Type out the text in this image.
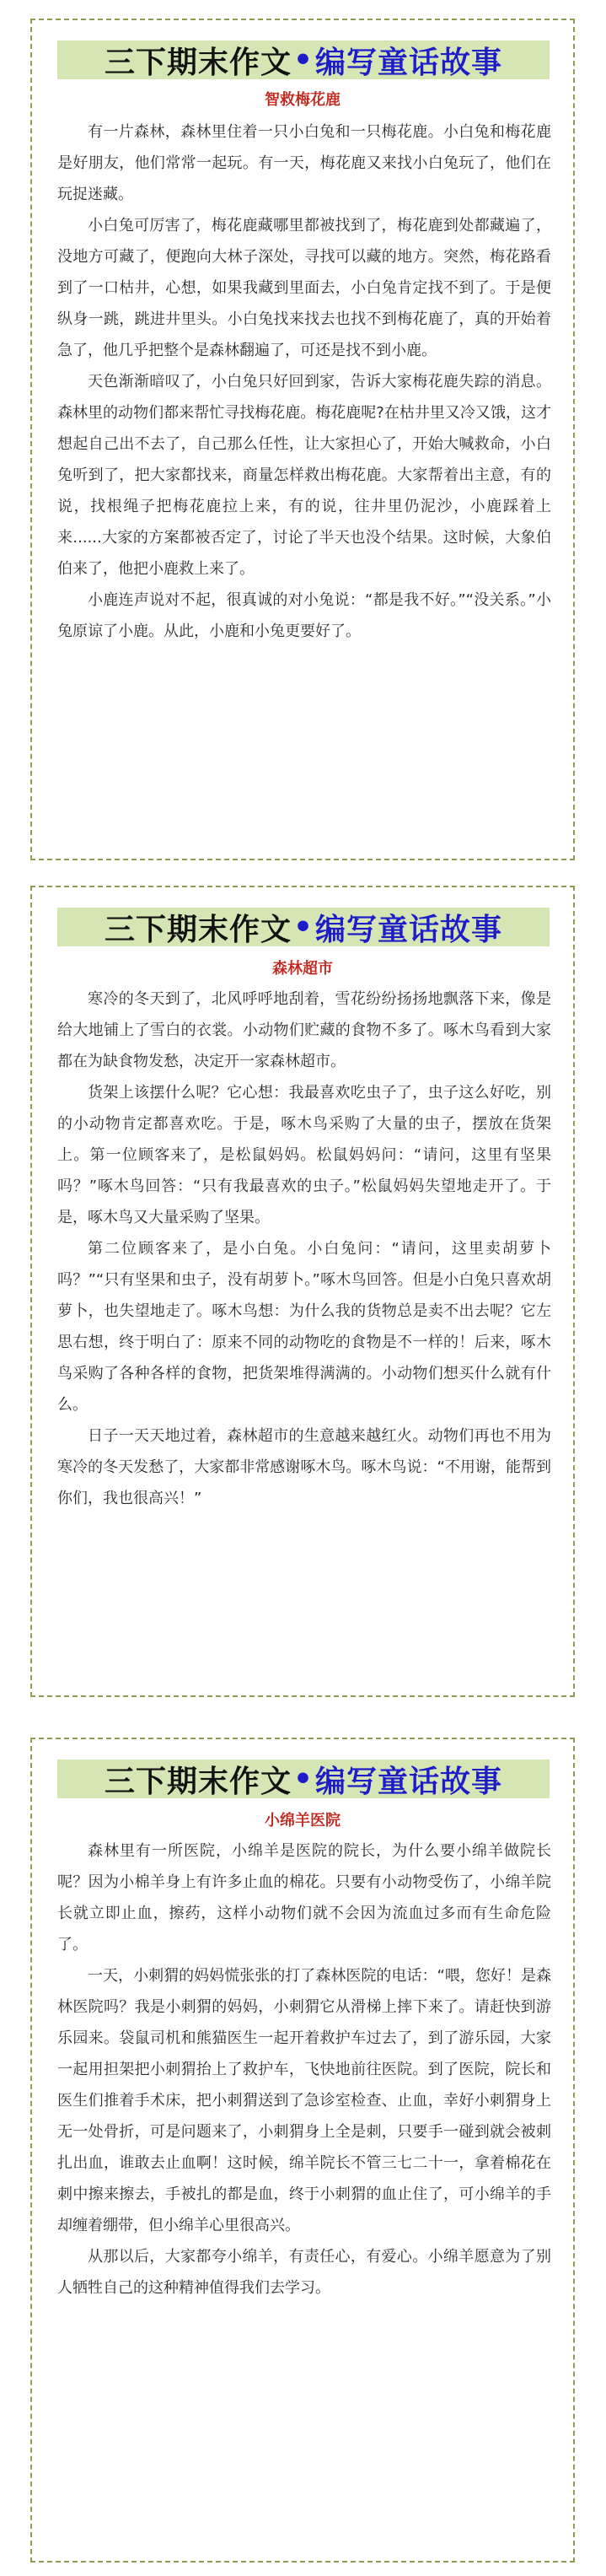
三下期末作文 • 编写童话故事
智救梅花鹿

有一片森林，森林里住着一只小白兔和一只梅花鹿。小白兔和梅花鹿是好朋友，他们常常一起玩。有一天，梅花鹿又来找小白兔玩了，他们在玩捉迷藏。

小白兔可厉害了，梅花鹿藏哪里都被找到了，梅花鹿到处都藏遍了，没地方可藏了，便跑向大林子深处，寻找可以藏的地方。突然，梅花路看到了一口枯井，心想，如果我藏到里面去，小白兔肯定找不到了。于是便纵身一跳，跳进井里头。小白兔找来找去也找不到梅花鹿了，真的开始着急了，他几乎把整个是森林翻遍了，可还是找不到小鹿。

天色渐渐暗叹了，小白兔只好回到家，告诉大家梅花鹿失踪的消息。森林里的动物们都来帮忙寻找梅花鹿。梅花鹿呢?在枯井里又冷又饿，这才想起自己出不去了，自己那么任性，让大家担心了，开始大喊救命，小白兔听到了，把大家都找来，商量怎样救出梅花鹿。大家帮着出主意，有的说，找根绳子把梅花鹿拉上来，有的说，往井里仍泥沙，小鹿踩着上来......大家的方案都被否定了，讨论了半天也没个结果。这时候，大象伯伯来了，他把小鹿救上来了。

小鹿连声说对不起，很真诚的对小兔说：“都是我不好。”“没关系。”小兔原谅了小鹿。从此，小鹿和小兔更要好了。

三下期末作文 • 编写童话故事
森林超市

寒冷的冬天到了，北风呼呼地刮着，雪花纷纷扬扬地飘落下来，像是给大地铺上了雪白的衣裳。小动物们贮藏的食物不多了。啄木鸟看到大家都在为缺食物发愁，决定开一家森林超市。

货架上该摆什么呢？它心想：我最喜欢吃虫子了，虫子这么好吃，别的小动物肯定都喜欢吃。于是，啄木鸟采购了大量的虫子，摆放在货架上。第一位顾客来了，是松鼠妈妈。松鼠妈妈问：“请问，这里有坚果吗？”啄木鸟回答：“只有我最喜欢的虫子。”松鼠妈妈失望地走开了。于是，啄木鸟又大量采购了坚果。

第二位顾客来了，是小白兔。小白兔问：“请问，这里卖胡萝卜吗？”“只有坚果和虫子，没有胡萝卜。”啄木鸟回答。但是小白兔只喜欢胡萝卜，也失望地走了。啄木鸟想：为什么我的货物总是卖不出去呢？它左思右想，终于明白了：原来不同的动物吃的食物是不一样的！后来，啄木鸟采购了各种各样的食物，把货架堆得满满的。小动物们想买什么就有什么。

日子一天天地过着，森林超市的生意越来越红火。动物们再也不用为寒冷的冬天发愁了，大家都非常感谢啄木鸟。啄木鸟说：“不用谢，能帮到你们，我也很高兴！”

三下期末作文 • 编写童话故事
小绵羊医院

森林里有一所医院，小绵羊是医院的院长，为什么要小绵羊做院长呢？因为小棉羊身上有许多止血的棉花。只要有小动物受伤了，小绵羊院长就立即止血，擦药，这样小动物们就不会因为流血过多而有生命危险了。

一天，小刺猬的妈妈慌张张的打了森林医院的电话：“喂，您好！是森林医院吗？我是小刺猬的妈妈，小刺猬它从滑梯上摔下来了。请赶快到游乐园来。袋鼠司机和熊猫医生一起开着救护车过去了，到了游乐园，大家一起用担架把小刺猬抬上了救护车，飞快地前往医院。到了医院，院长和医生们推着手术床，把小刺猬送到了急诊室检查、止血，幸好小刺猬身上无一处骨折，可是问题来了，小刺猬身上全是刺，只要手一碰到就会被刺扎出血，谁敢去止血啊！这时候，绵羊院长不管三七二十一，拿着棉花在刺中擦来擦去，手被扎的都是血，终于小刺猬的血止住了，可小绵羊的手却缠着绷带，但小绵羊心里很高兴。

从那以后，大家都夸小绵羊，有责任心，有爱心。小绵羊愿意为了别人牺牲自己的这种精神值得我们去学习。
